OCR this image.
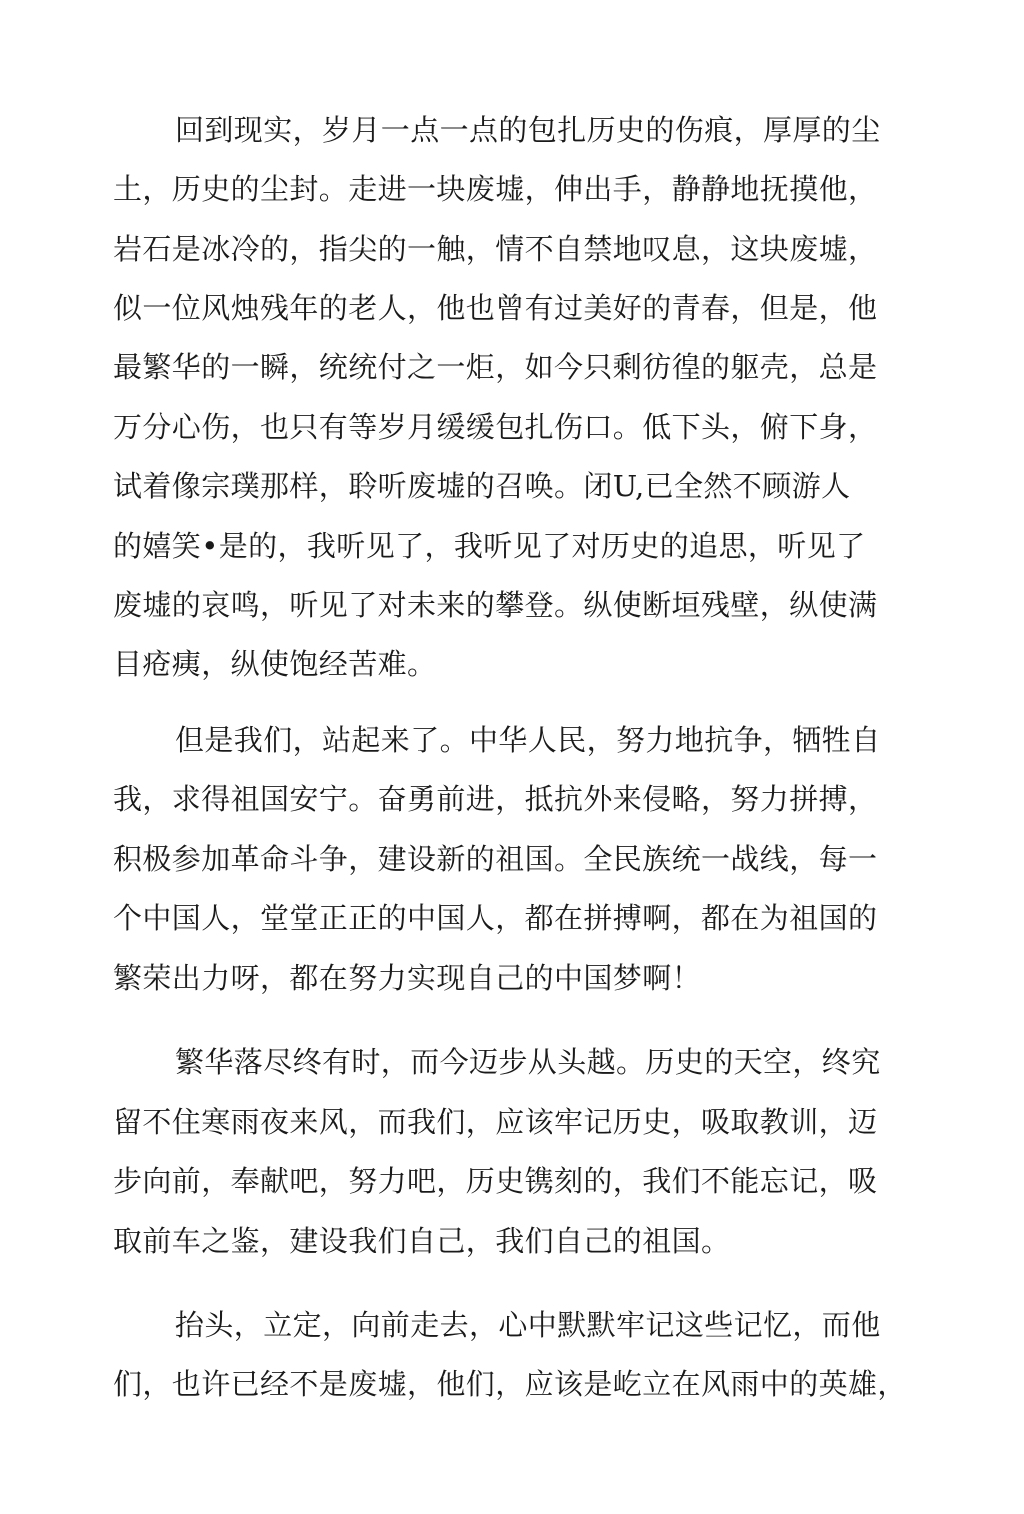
回到现实，岁月一点一点的包扎历史的伤痕，厚厚的尘
土，历史的尘封。走进一块废墟，伸出手，静静地抚摸他，
岩石是冰冷的，指尖的一触，情不自禁地叹息，这块废墟，
似一位风烛残年的老人，他也曾有过美好的青春，但是，他
最繁华的一瞬，统统付之一炬，如今只剩彷徨的躯壳，总是
万分心伤，也只有等岁月缓缓包扎伤口。低下头，俯下身，
试着像宗璞那样，聆听废墟的召唤。闭U,已全然不顾游人
的嬉笑•是的，我听见了，我听见了对历史的追思，听见了
废墟的哀鸣，听见了对未来的攀登。纵使断垣残壁，纵使满
目疮痍，纵使饱经苦难。
但是我们，站起来了。中华人民，努力地抗争，牺牲自
我，求得祖国安宁。奋勇前进，抵抗外来侵略，努力拼搏，
积极参加革命斗争，建设新的祖国。全民族统一战线，每一
个中国人，堂堂正正的中国人，都在拼搏啊，都在为祖国的
繁荣出力呀，都在努力实现自己的中国梦啊！
繁华落尽终有时，而今迈步从头越。历史的天空，终究
留不住寒雨夜来风，而我们，应该牢记历史，吸取教训，迈
步向前，奉献吧，努力吧，历史镌刻的，我们不能忘记，吸
取前车之鉴，建设我们自己，我们自己的祖国。
抬头，立定，向前走去，心中默默牢记这些记忆，而他
们，也许已经不是废墟，他们，应该是屹立在风雨中的英雄，
